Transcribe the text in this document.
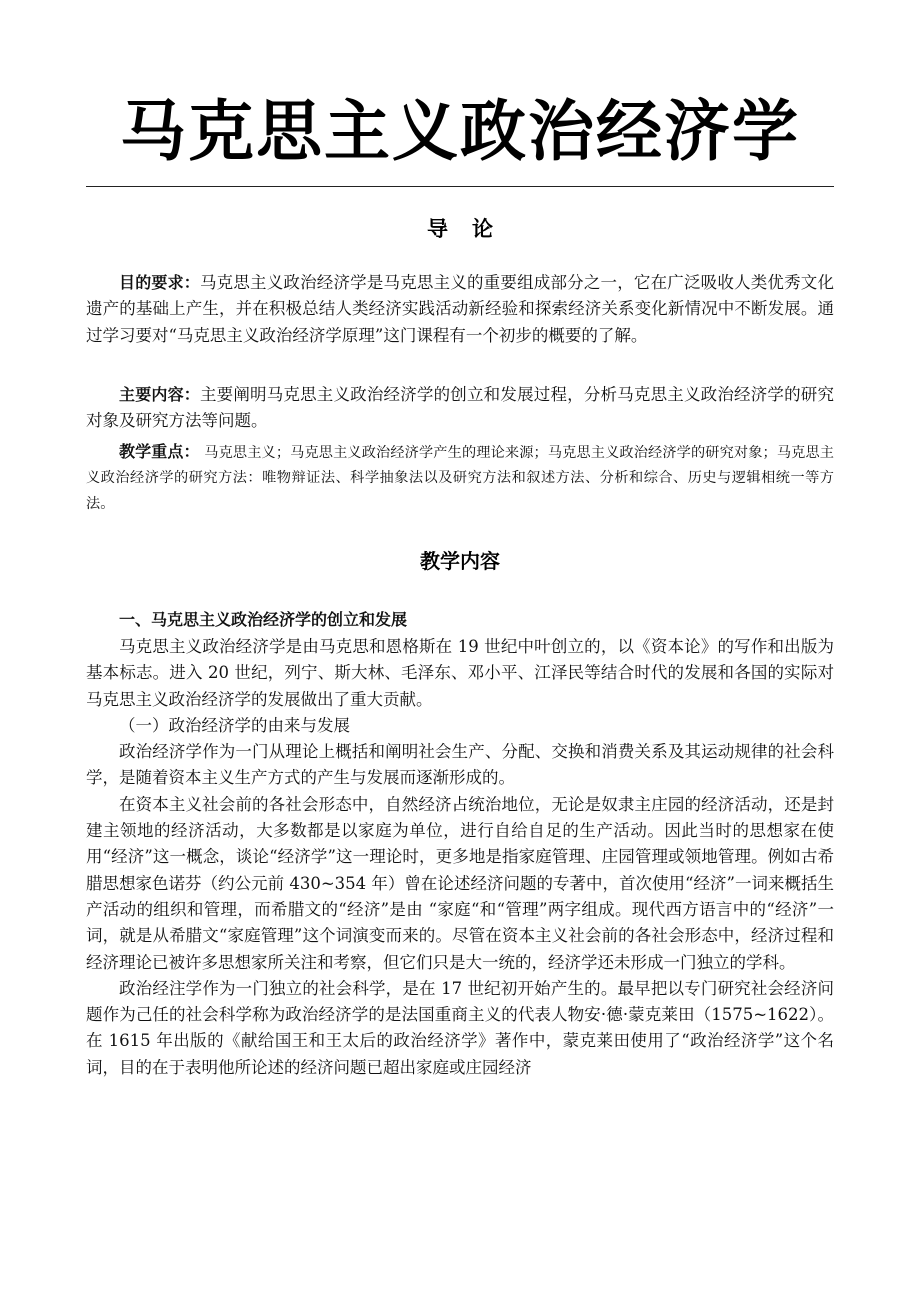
马克思主义政治经济学
导论

目的要求：马克思主义政治经济学是马克思主义的重要组成部分之一，它在广泛吸收人类优秀文化遗产的基础上产生，并在积极总结人类经济实践活动新经验和探索经济关系变化新情况中不断发展。通过学习要对“马克思主义政治经济学原理”这门课程有一个初步的概要的了解。

主要内容：主要阐明马克思主义政治经济学的创立和发展过程，分析马克思主义政治经济学的研究对象及研究方法等问题。

教学重点： 马克思主义；马克思主义政治经济学产生的理论来源；马克思主义政治经济学的研究对象；马克思主义政治经济学的研究方法：唯物辩证法、科学抽象法以及研究方法和叙述方法、分析和综合、历史与逻辑相统一等方法。

教学内容
一、马克思主义政治经济学的创立和发展

马克思主义政治经济学是由马克思和恩格斯在 19 世纪中叶创立的，以《资本论》的写作和出版为基本标志。进入 20 世纪，列宁、斯大林、毛泽东、邓小平、江泽民等结合时代的发展和各国的实际对马克思主义政治经济学的发展做出了重大贡献。

（一）政治经济学的由来与发展

政治经济学作为一门从理论上概括和阐明社会生产、分配、交换和消费关系及其运动规律的社会科学，是随着资本主义生产方式的产生与发展而逐渐形成的。

在资本主义社会前的各社会形态中，自然经济占统治地位，无论是奴隶主庄园的经济活动，还是封建主领地的经济活动，大多数都是以家庭为单位，进行自给自足的生产活动。因此当时的思想家在使用“经济”这一概念，谈论“经济学”这一理论时，更多地是指家庭管理、庄园管理或领地管理。例如古希腊思想家色诺芬（约公元前 430~354 年）曾在论述经济问题的专著中，首次使用“经济”一词来概括生产活动的组织和管理，而希腊文的“经济”是由 “家庭“和“管理”两字组成。现代西方语言中的“经济”一词，就是从希腊文“家庭管理”这个词演变而来的。尽管在资本主义社会前的各社会形态中，经济过程和经济理论已被许多思想家所关注和考察，但它们只是大一统的，经济学还未形成一门独立的学科。

政治经注学作为一门独立的社会科学，是在 17 世纪初开始产生的。最早把以专门研究社会经济问题作为己任的社会科学称为政治经济学的是法国重商主义的代表人物安·德·蒙克莱田（1575~1622）。在 1615 年出版的《献给国王和王太后的政治经济学》著作中，蒙克莱田使用了“政治经济学”这个名词，目的在于表明他所论述的经济问题已超出家庭或庄园经济
